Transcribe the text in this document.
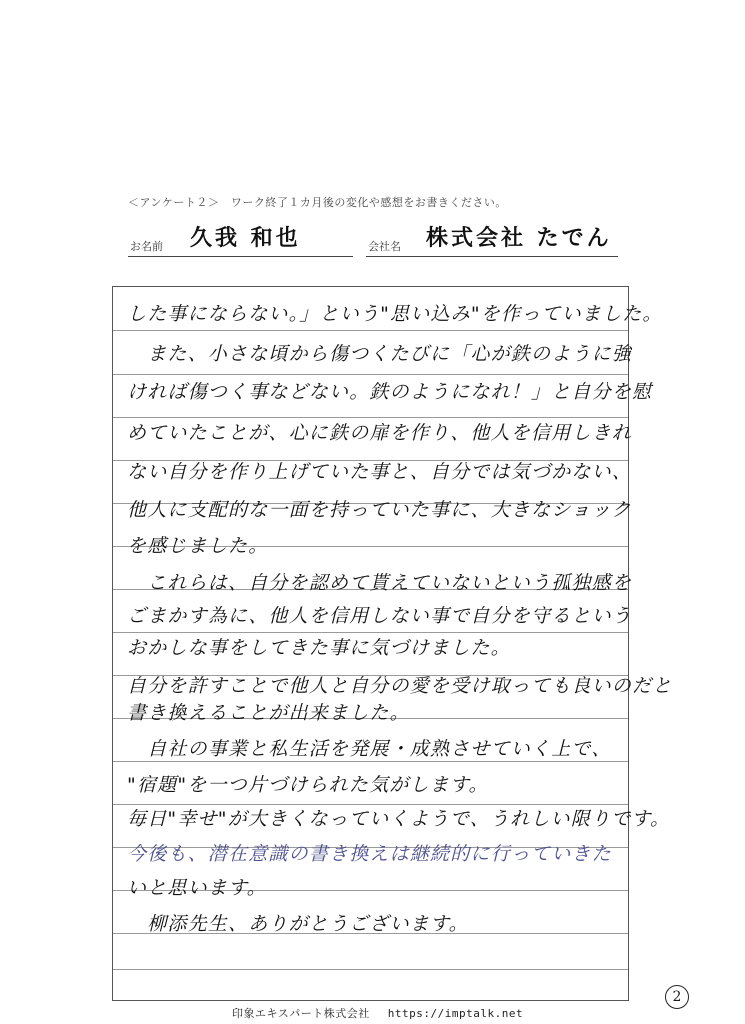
＜アンケート２＞　ワーク終了１カ月後の変化や感想をお書きください。
お名前 久我 和也	会社名 株式会社 たでん
した事にならない。」という"思い込み"を作っていました。
　また、小さな頃から傷つくたびに「心が鉄のように強
ければ傷つく事などない。鉄のようになれ！」と自分を慰
めていたことが、心に鉄の扉を作り、他人を信用しきれ
ない自分を作り上げていた事と、自分では気づかない、
他人に支配的な一面を持っていた事に、大きなショック
を感じました。
　これらは、自分を認めて貰えていないという孤独感を
ごまかす為に、他人を信用しない事で自分を守るという
おかしな事をしてきた事に気づけました。
自分を許すことで他人と自分の愛を受け取っても良いのだと
書き換えることが出来ました。
　自社の事業と私生活を発展・成熟させていく上で、
"宿題"を一つ片づけられた気がします。
毎日"幸せ"が大きくなっていくようで、うれしい限りです。
今後も、潜在意識の書き換えは継続的に行っていきた
いと思います。
　柳添先生、ありがとうございます。
印象エキスパート株式会社 https://imptalk.net
2
